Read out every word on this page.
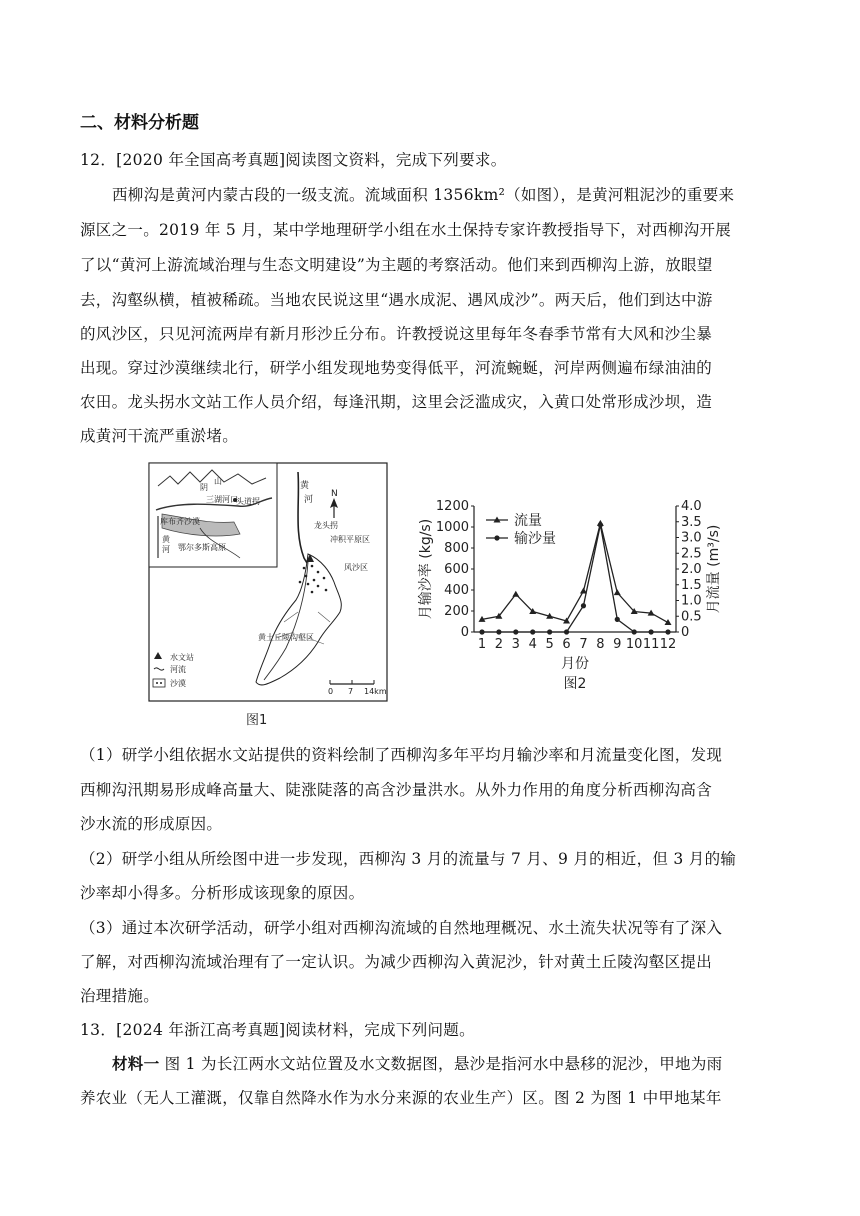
二、材料分析题
12．[2020 年全国高考真题]阅读图文资料，完成下列要求。
西柳沟是黄河内蒙古段的一级支流。流域面积 1356km²（如图），是黄河粗泥沙的重要来
源区之一。2019 年 5 月，某中学地理研学小组在水土保持专家许教授指导下，对西柳沟开展
了以“黄河上游流域治理与生态文明建设”为主题的考察活动。他们来到西柳沟上游，放眼望
去，沟壑纵横，植被稀疏。当地农民说这里“遇水成泥、遇风成沙”。两天后，他们到达中游
的风沙区，只见河流两岸有新月形沙丘分布。许教授说这里每年冬春季节常有大风和沙尘暴
出现。穿过沙漠继续北行，研学小组发现地势变得低平，河流蜿蜒，河岸两侧遍布绿油油的
农田。龙头拐水文站工作人员介绍，每逢汛期，这里会泛滥成灾，入黄口处常形成沙坝，造
成黄河干流严重淤堵。
阴
山
三湖河口
头道拐
库布齐沙漠
黄
河 鄂尔多斯高原
黄
河
N
龙头拐
冲积平原区
风沙区
黄土丘陵沟壑区
水文站
河流
沙漠
0 7 14km
图1
0
200
400
600
800
1000
1200
0
0.5
1.0
1.5
2.0
2.5
3.0
3.5
4.0
1 2 3 4 5 6 7 8 9 10 11 12
流量
输沙量
月输沙率 (kg/s)	月流量 (m³/s)
月份
图2
（1）研学小组依据水文站提供的资料绘制了西柳沟多年平均月输沙率和月流量变化图，发现
西柳沟汛期易形成峰高量大、陡涨陡落的高含沙量洪水。从外力作用的角度分析西柳沟高含
沙水流的形成原因。
（2）研学小组从所绘图中进一步发现，西柳沟 3 月的流量与 7 月、9 月的相近，但 3 月的输
沙率却小得多。分析形成该现象的原因。
（3）通过本次研学活动，研学小组对西柳沟流域的自然地理概况、水土流失状况等有了深入
了解，对西柳沟流域治理有了一定认识。为减少西柳沟入黄泥沙，针对黄土丘陵沟壑区提出
治理措施。
13．[2024 年浙江高考真题]阅读材料，完成下列问题。
材料一 图 1 为长江两水文站位置及水文数据图，悬沙是指河水中悬移的泥沙，甲地为雨
养农业（无人工灌溉，仅靠自然降水作为水分来源的农业生产）区。图 2 为图 1 中甲地某年
